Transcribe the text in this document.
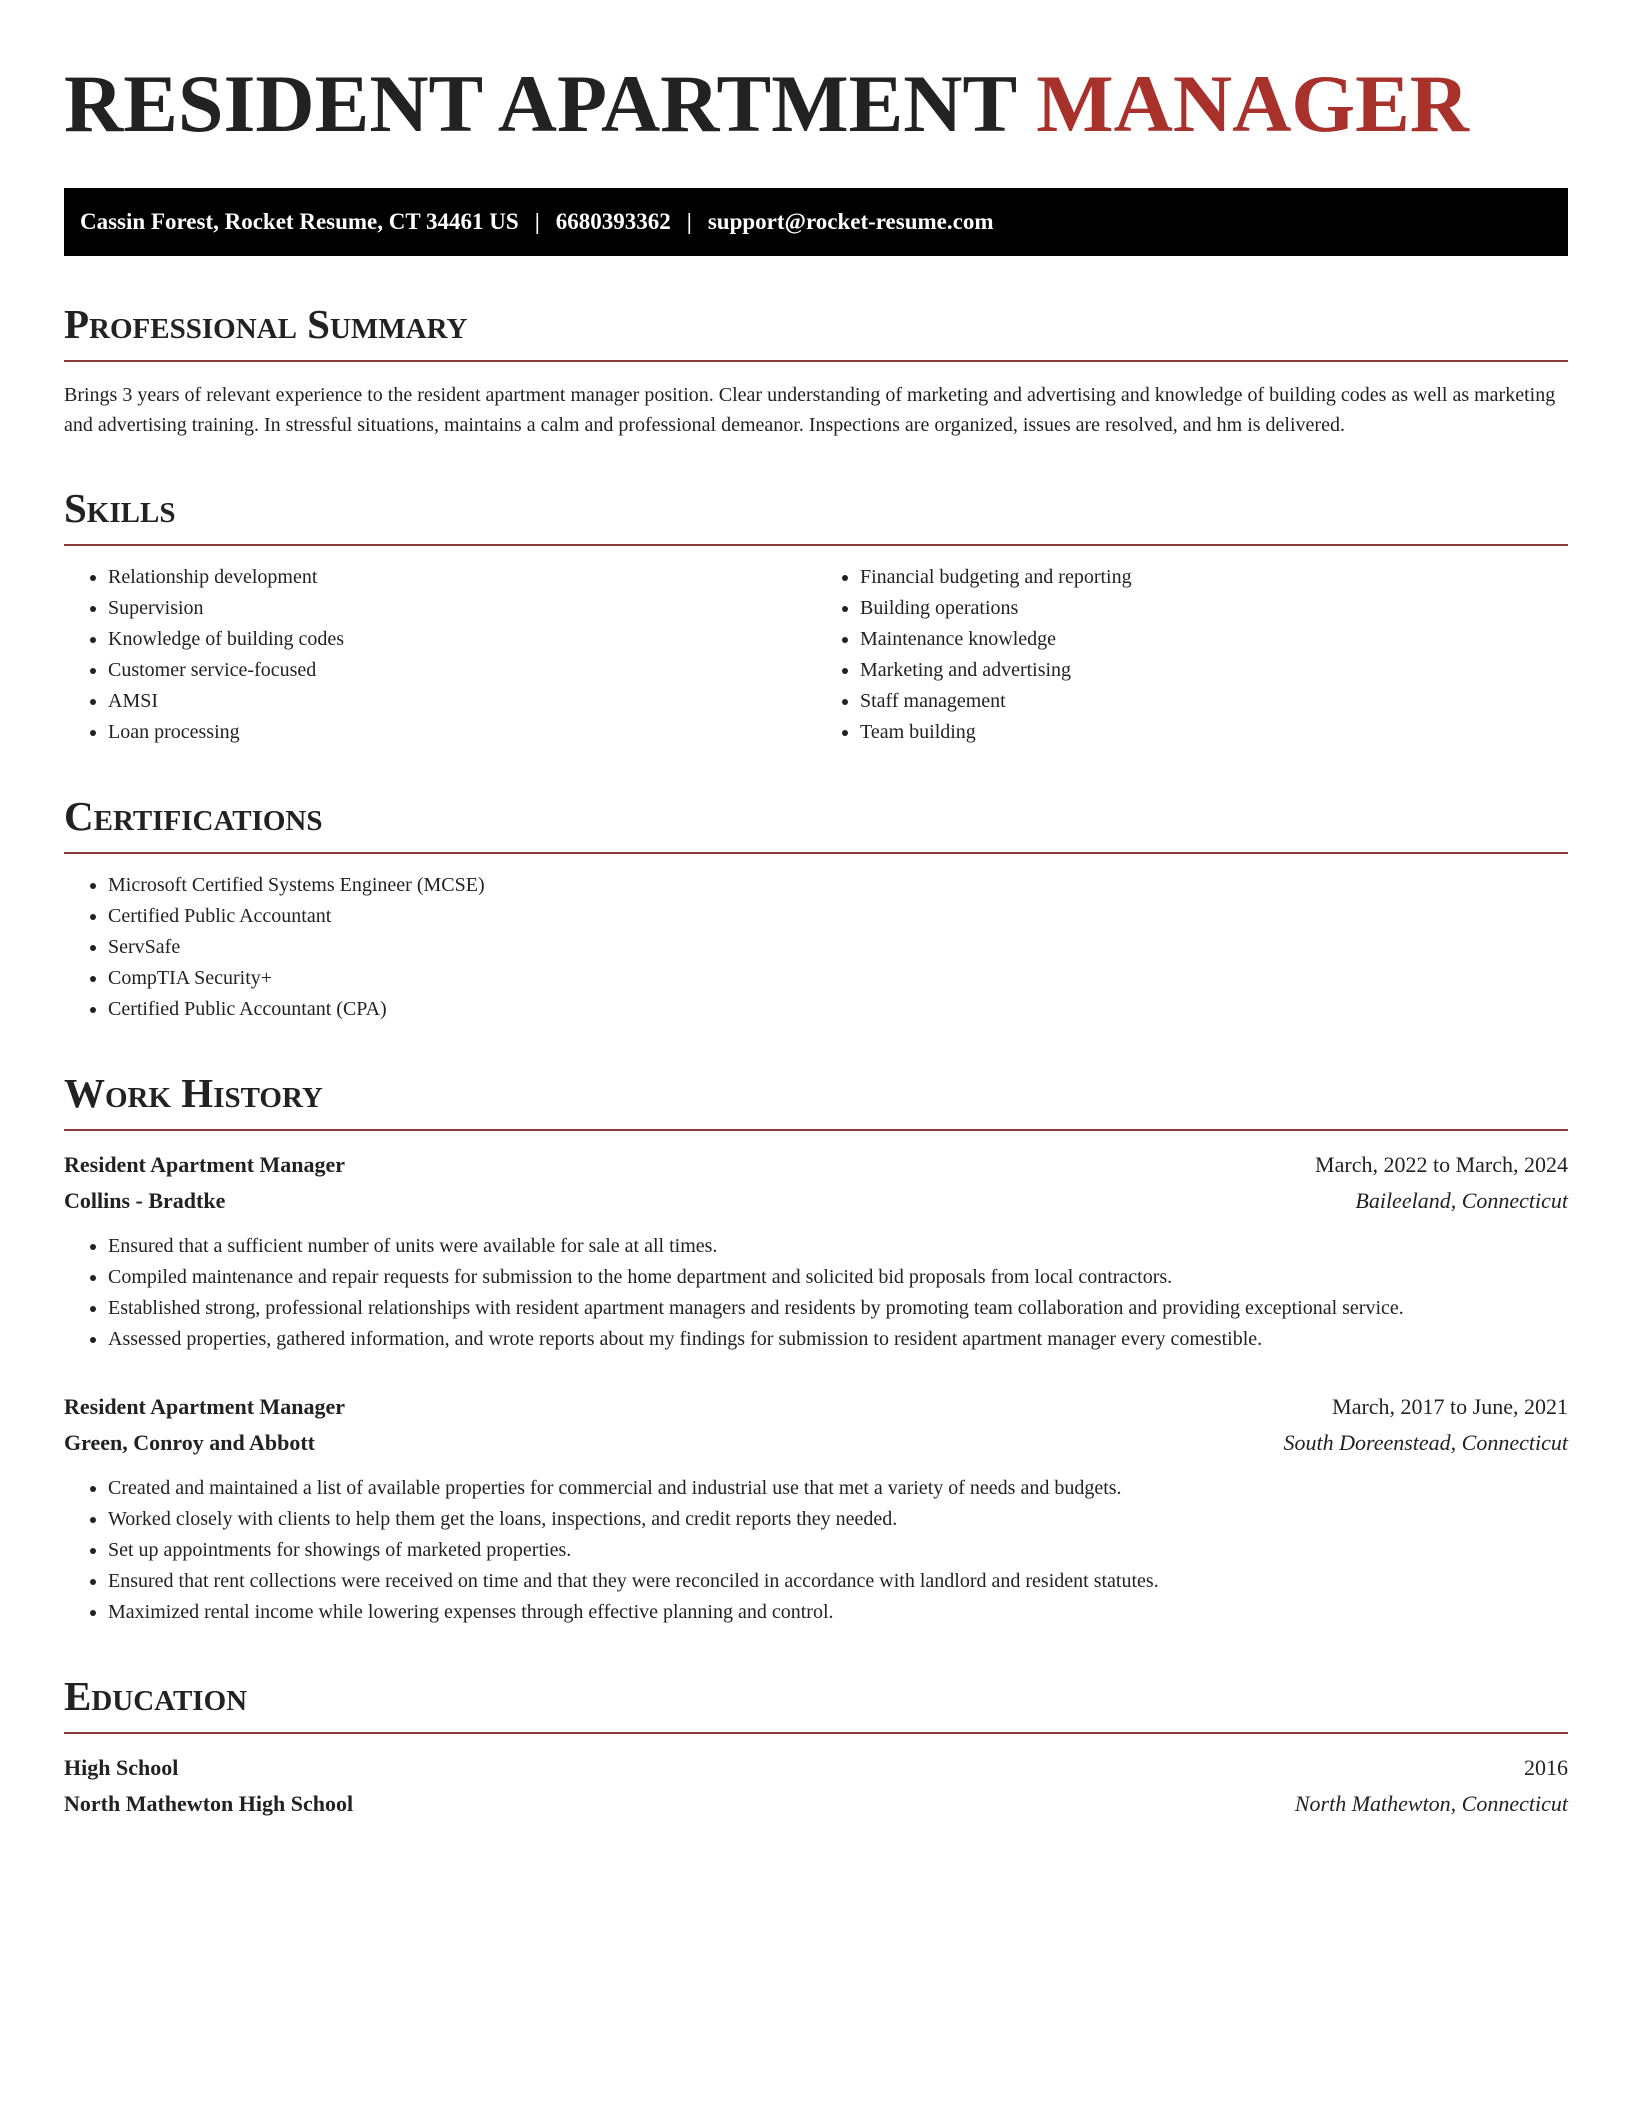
RESIDENT APARTMENT MANAGER
Cassin Forest, Rocket Resume, CT 34461 US | 6680393362 | support@rocket-resume.com
Professional Summary

Brings 3 years of relevant experience to the resident apartment manager position. Clear understanding of marketing and advertising and knowledge of building codes as well as marketing and advertising training. In stressful situations, maintains a calm and professional demeanor. Inspections are organized, issues are resolved, and hm is delivered.

Skills
• Relationship development
• Supervision
• Knowledge of building codes
• Customer service-focused
• AMSI
• Loan processing
• Financial budgeting and reporting
• Building operations
• Maintenance knowledge
• Marketing and advertising
• Staff management
• Team building
Certifications
• Microsoft Certified Systems Engineer (MCSE)
• Certified Public Accountant
• ServSafe
• CompTIA Security+
• Certified Public Accountant (CPA)
Work History
Resident Apartment Manager	March, 2022 to March, 2024
Collins - Bradtke	Baileeland, Connecticut
• Ensured that a sufficient number of units were available for sale at all times.
• Compiled maintenance and repair requests for submission to the home department and solicited bid proposals from local contractors.
• Established strong, professional relationships with resident apartment managers and residents by promoting team collaboration and providing exceptional service.
• Assessed properties, gathered information, and wrote reports about my findings for submission to resident apartment manager every comestible.
Resident Apartment Manager	March, 2017 to June, 2021
Green, Conroy and Abbott	South Doreenstead, Connecticut
• Created and maintained a list of available properties for commercial and industrial use that met a variety of needs and budgets.
• Worked closely with clients to help them get the loans, inspections, and credit reports they needed.
• Set up appointments for showings of marketed properties.
• Ensured that rent collections were received on time and that they were reconciled in accordance with landlord and resident statutes.
• Maximized rental income while lowering expenses through effective planning and control.
Education
High School	2016
North Mathewton High School	North Mathewton, Connecticut
